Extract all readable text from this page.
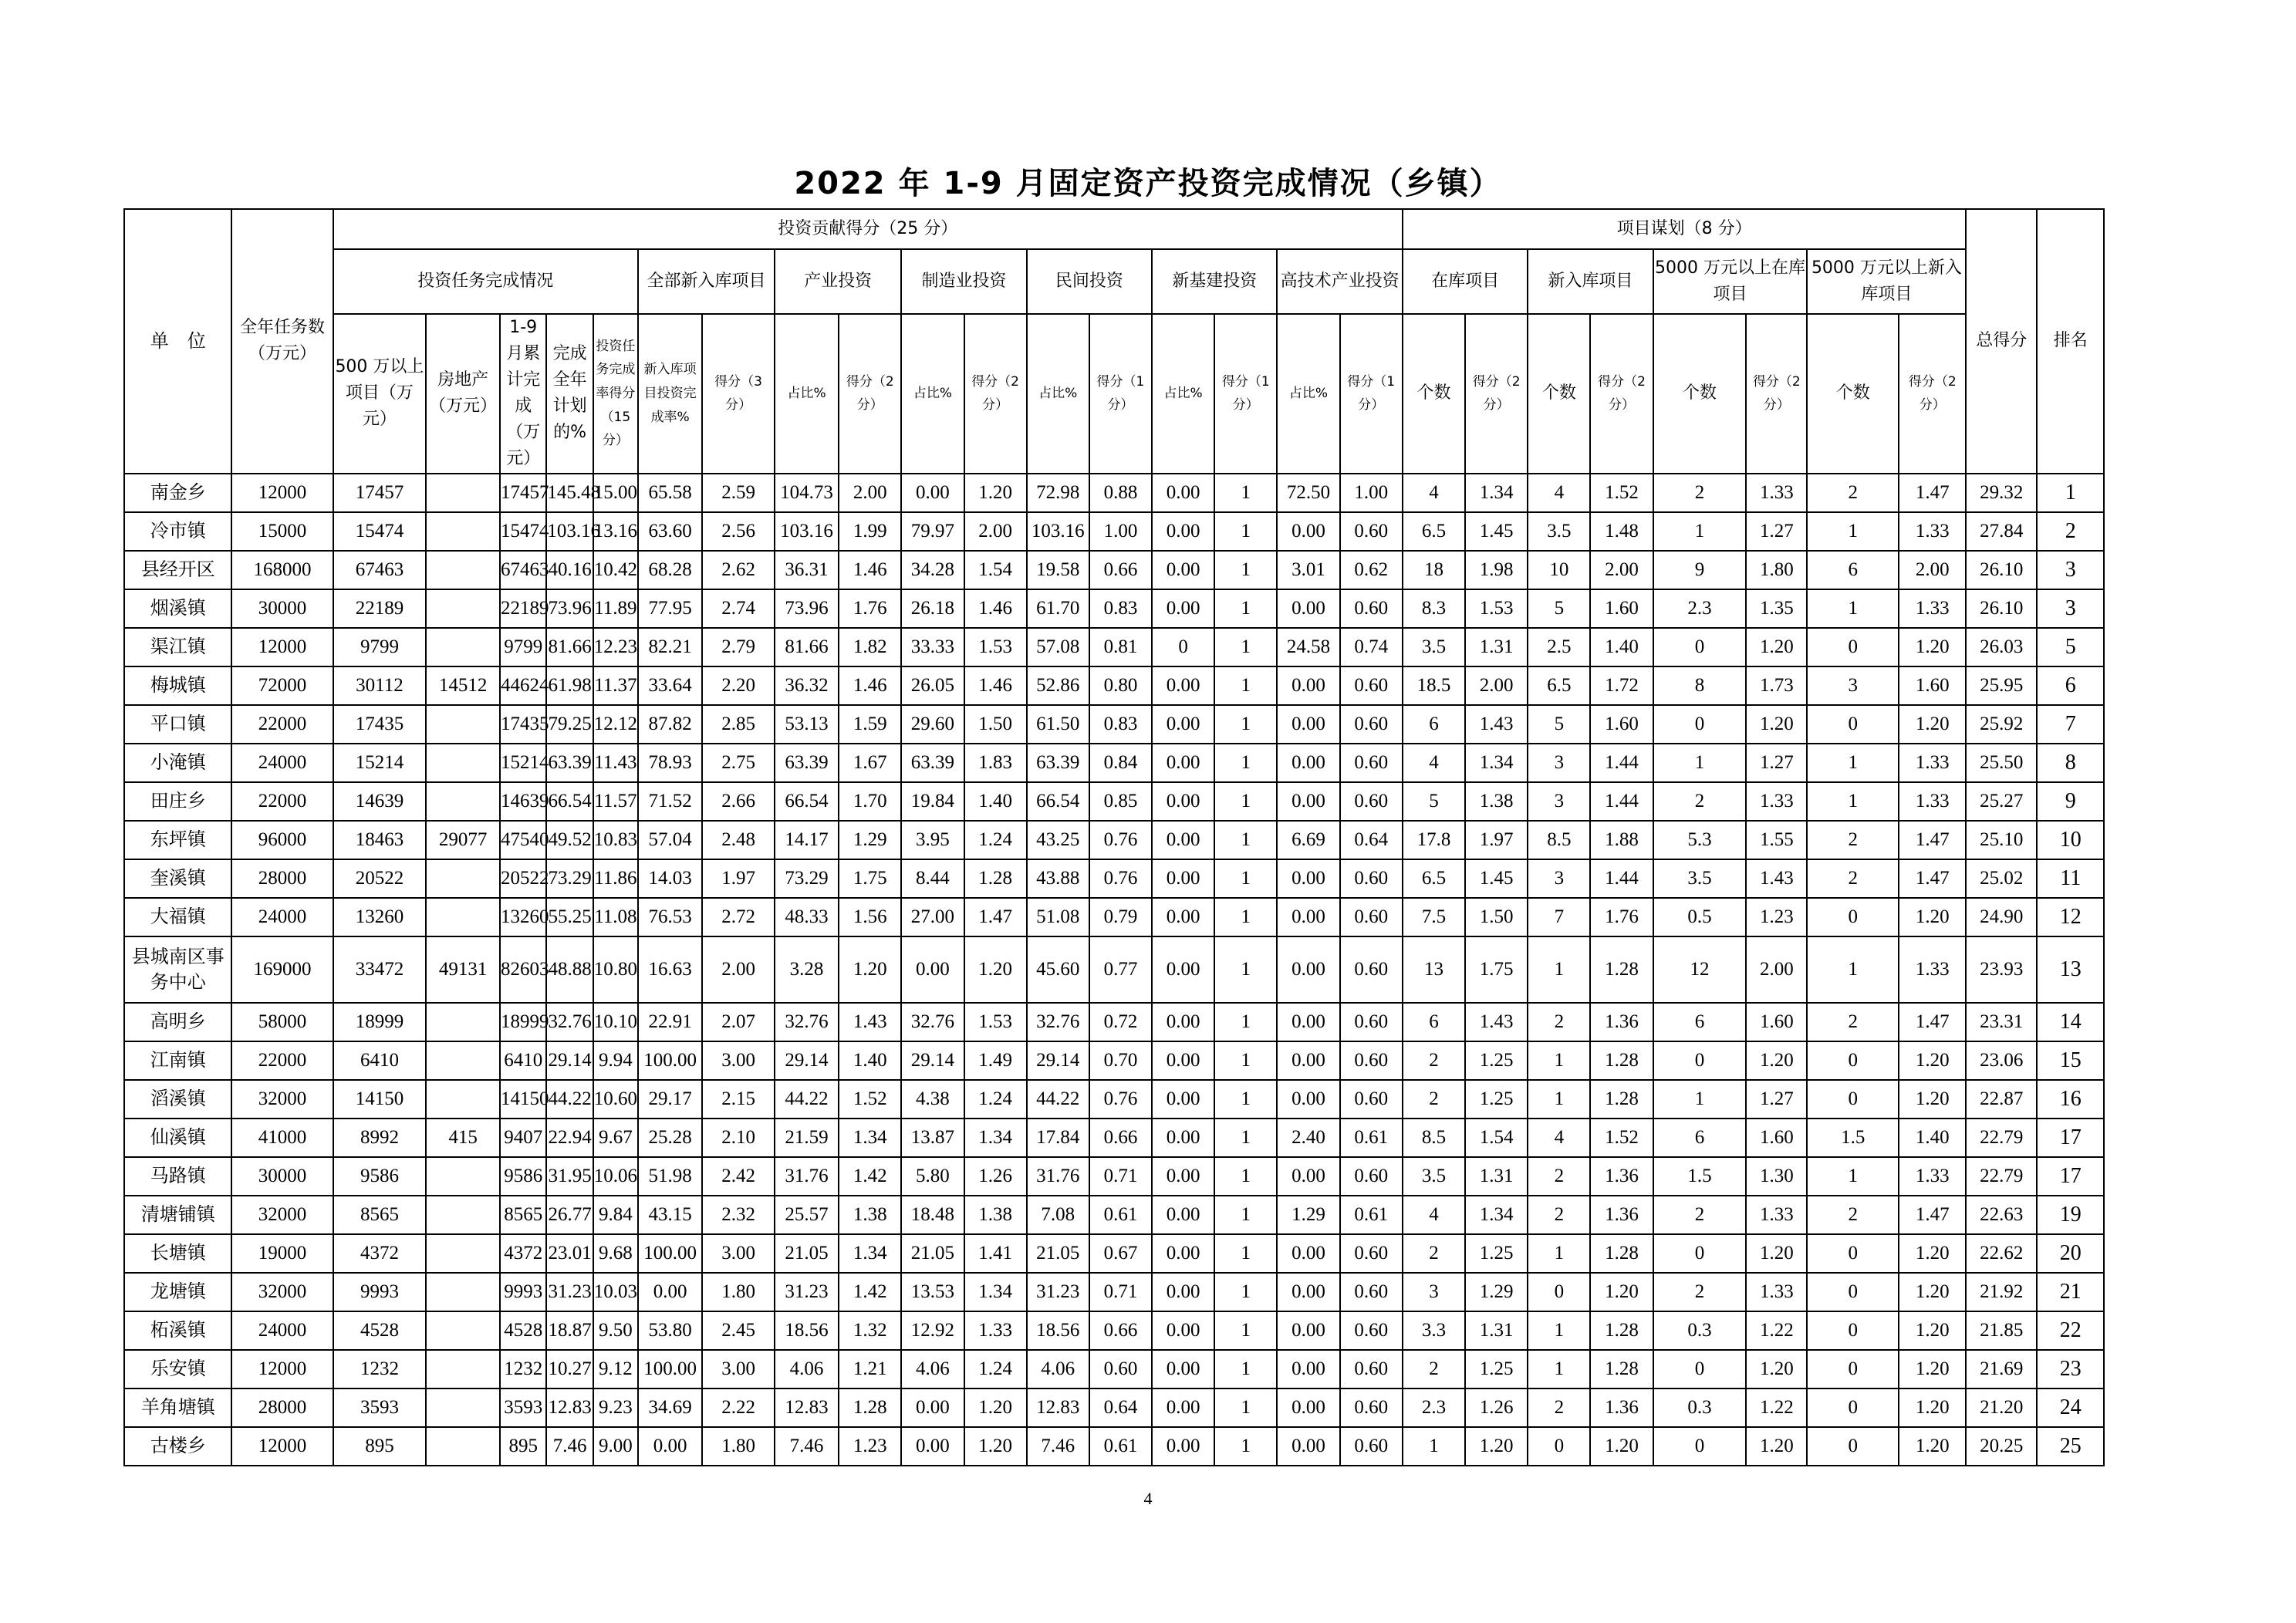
2022 年 1-9 月固定资产投资完成情况（乡镇）
单　位	全年任务数（万元）	投资贡献得分（25 分）																	项目谋划（8 分）								总得分	排名
		投资任务完成情况					全部新入库项目		产业投资		制造业投资		民间投资		新基建投资		高技术产业投资		在库项目		新入库项目		5000 万元以上在库项目		5000 万元以上新入库项目			
		500 万以上项目（万元）	房地产（万元）	1-9 月累计完成（万元）	完成全年计划的%	投资任务完成率得分（15 分）	新入库项目投资完成率%	得分（3 分）	占比%	得分（2 分）	占比%	得分（2 分）	占比%	得分（1 分）	占比%	得分（1 分）	占比%	得分（1 分）	个数	得分（2 分）	个数	得分（2 分）	个数	得分（2 分）	个数	得分（2 分）		
南金乡	12000	17457		17457	145.48	15.00	65.58	2.59	104.73	2.00	0.00	1.20	72.98	0.88	0.00	1	72.50	1.00	4	1.34	4	1.52	2	1.33	2	1.47	29.32	1
冷市镇	15000	15474		15474	103.16	13.16	63.60	2.56	103.16	1.99	79.97	2.00	103.16	1.00	0.00	1	0.00	0.60	6.5	1.45	3.5	1.48	1	1.27	1	1.33	27.84	2
县经开区	168000	67463		67463	40.16	10.42	68.28	2.62	36.31	1.46	34.28	1.54	19.58	0.66	0.00	1	3.01	0.62	18	1.98	10	2.00	9	1.80	6	2.00	26.10	3
烟溪镇	30000	22189		22189	73.96	11.89	77.95	2.74	73.96	1.76	26.18	1.46	61.70	0.83	0.00	1	0.00	0.60	8.3	1.53	5	1.60	2.3	1.35	1	1.33	26.10	3
渠江镇	12000	9799		9799	81.66	12.23	82.21	2.79	81.66	1.82	33.33	1.53	57.08	0.81	0	1	24.58	0.74	3.5	1.31	2.5	1.40	0	1.20	0	1.20	26.03	5
梅城镇	72000	30112	14512	44624	61.98	11.37	33.64	2.20	36.32	1.46	26.05	1.46	52.86	0.80	0.00	1	0.00	0.60	18.5	2.00	6.5	1.72	8	1.73	3	1.60	25.95	6
平口镇	22000	17435		17435	79.25	12.12	87.82	2.85	53.13	1.59	29.60	1.50	61.50	0.83	0.00	1	0.00	0.60	6	1.43	5	1.60	0	1.20	0	1.20	25.92	7
小淹镇	24000	15214		15214	63.39	11.43	78.93	2.75	63.39	1.67	63.39	1.83	63.39	0.84	0.00	1	0.00	0.60	4	1.34	3	1.44	1	1.27	1	1.33	25.50	8
田庄乡	22000	14639		14639	66.54	11.57	71.52	2.66	66.54	1.70	19.84	1.40	66.54	0.85	0.00	1	0.00	0.60	5	1.38	3	1.44	2	1.33	1	1.33	25.27	9
东坪镇	96000	18463	29077	47540	49.52	10.83	57.04	2.48	14.17	1.29	3.95	1.24	43.25	0.76	0.00	1	6.69	0.64	17.8	1.97	8.5	1.88	5.3	1.55	2	1.47	25.10	10
奎溪镇	28000	20522		20522	73.29	11.86	14.03	1.97	73.29	1.75	8.44	1.28	43.88	0.76	0.00	1	0.00	0.60	6.5	1.45	3	1.44	3.5	1.43	2	1.47	25.02	11
大福镇	24000	13260		13260	55.25	11.08	76.53	2.72	48.33	1.56	27.00	1.47	51.08	0.79	0.00	1	0.00	0.60	7.5	1.50	7	1.76	0.5	1.23	0	1.20	24.90	12
县城南区事务中心	169000	33472	49131	82603	48.88	10.80	16.63	2.00	3.28	1.20	0.00	1.20	45.60	0.77	0.00	1	0.00	0.60	13	1.75	1	1.28	12	2.00	1	1.33	23.93	13
高明乡	58000	18999		18999	32.76	10.10	22.91	2.07	32.76	1.43	32.76	1.53	32.76	0.72	0.00	1	0.00	0.60	6	1.43	2	1.36	6	1.60	2	1.47	23.31	14
江南镇	22000	6410		6410	29.14	9.94	100.00	3.00	29.14	1.40	29.14	1.49	29.14	0.70	0.00	1	0.00	0.60	2	1.25	1	1.28	0	1.20	0	1.20	23.06	15
滔溪镇	32000	14150		14150	44.22	10.60	29.17	2.15	44.22	1.52	4.38	1.24	44.22	0.76	0.00	1	0.00	0.60	2	1.25	1	1.28	1	1.27	0	1.20	22.87	16
仙溪镇	41000	8992	415	9407	22.94	9.67	25.28	2.10	21.59	1.34	13.87	1.34	17.84	0.66	0.00	1	2.40	0.61	8.5	1.54	4	1.52	6	1.60	1.5	1.40	22.79	17
马路镇	30000	9586		9586	31.95	10.06	51.98	2.42	31.76	1.42	5.80	1.26	31.76	0.71	0.00	1	0.00	0.60	3.5	1.31	2	1.36	1.5	1.30	1	1.33	22.79	17
清塘铺镇	32000	8565		8565	26.77	9.84	43.15	2.32	25.57	1.38	18.48	1.38	7.08	0.61	0.00	1	1.29	0.61	4	1.34	2	1.36	2	1.33	2	1.47	22.63	19
长塘镇	19000	4372		4372	23.01	9.68	100.00	3.00	21.05	1.34	21.05	1.41	21.05	0.67	0.00	1	0.00	0.60	2	1.25	1	1.28	0	1.20	0	1.20	22.62	20
龙塘镇	32000	9993		9993	31.23	10.03	0.00	1.80	31.23	1.42	13.53	1.34	31.23	0.71	0.00	1	0.00	0.60	3	1.29	0	1.20	2	1.33	0	1.20	21.92	21
柘溪镇	24000	4528		4528	18.87	9.50	53.80	2.45	18.56	1.32	12.92	1.33	18.56	0.66	0.00	1	0.00	0.60	3.3	1.31	1	1.28	0.3	1.22	0	1.20	21.85	22
乐安镇	12000	1232		1232	10.27	9.12	100.00	3.00	4.06	1.21	4.06	1.24	4.06	0.60	0.00	1	0.00	0.60	2	1.25	1	1.28	0	1.20	0	1.20	21.69	23
羊角塘镇	28000	3593		3593	12.83	9.23	34.69	2.22	12.83	1.28	0.00	1.20	12.83	0.64	0.00	1	0.00	0.60	2.3	1.26	2	1.36	0.3	1.22	0	1.20	21.20	24
古楼乡	12000	895		895	7.46	9.00	0.00	1.80	7.46	1.23	0.00	1.20	7.46	0.61	0.00	1	0.00	0.60	1	1.20	0	1.20	0	1.20	0	1.20	20.25	25
4
